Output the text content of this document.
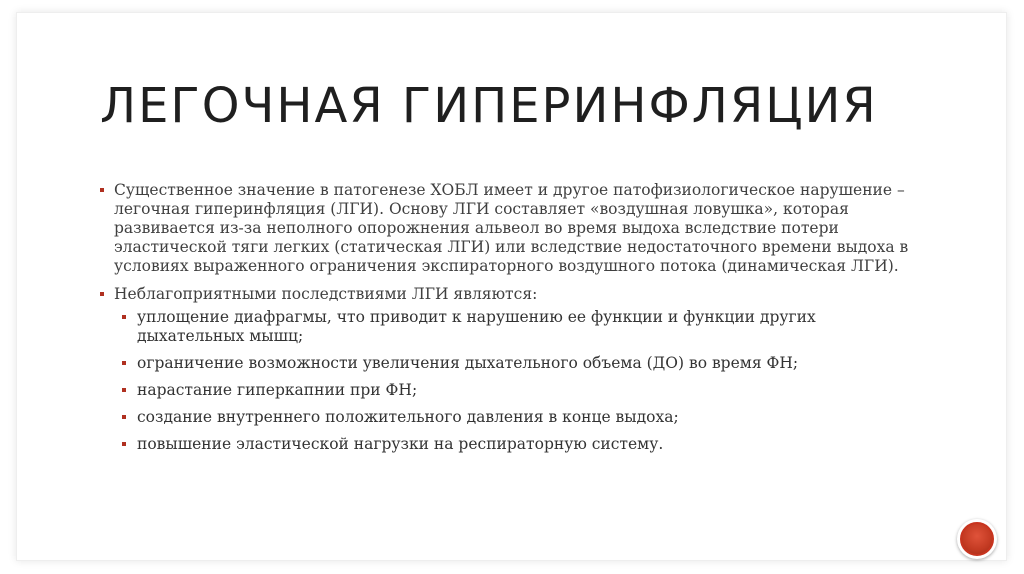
ЛЕГОЧНАЯ ГИПЕРИНФЛЯЦИЯ
Существенное значение в патогенезе ХОБЛ имеет и другое патофизиологическое нарушение – легочная гиперинфляция (ЛГИ). Основу ЛГИ составляет «воздушная ловушка», которая развивается из-за неполного опорожнения альвеол во время выдоха вследствие потери эластической тяги легких (статическая ЛГИ) или вследствие недостаточного времени выдоха в условиях выраженного ограничения экспираторного воздушного потока (динамическая ЛГИ).
Неблагоприятными последствиями ЛГИ являются:
уплощение диафрагмы, что приводит к нарушению ее функции и функции других дыхательных мышц;
ограничение возможности увеличения дыхательного объема (ДО) во время ФН;
нарастание гиперкапнии при ФН;
создание внутреннего положительного давления в конце выдоха;
повышение эластической нагрузки на респираторную систему.
